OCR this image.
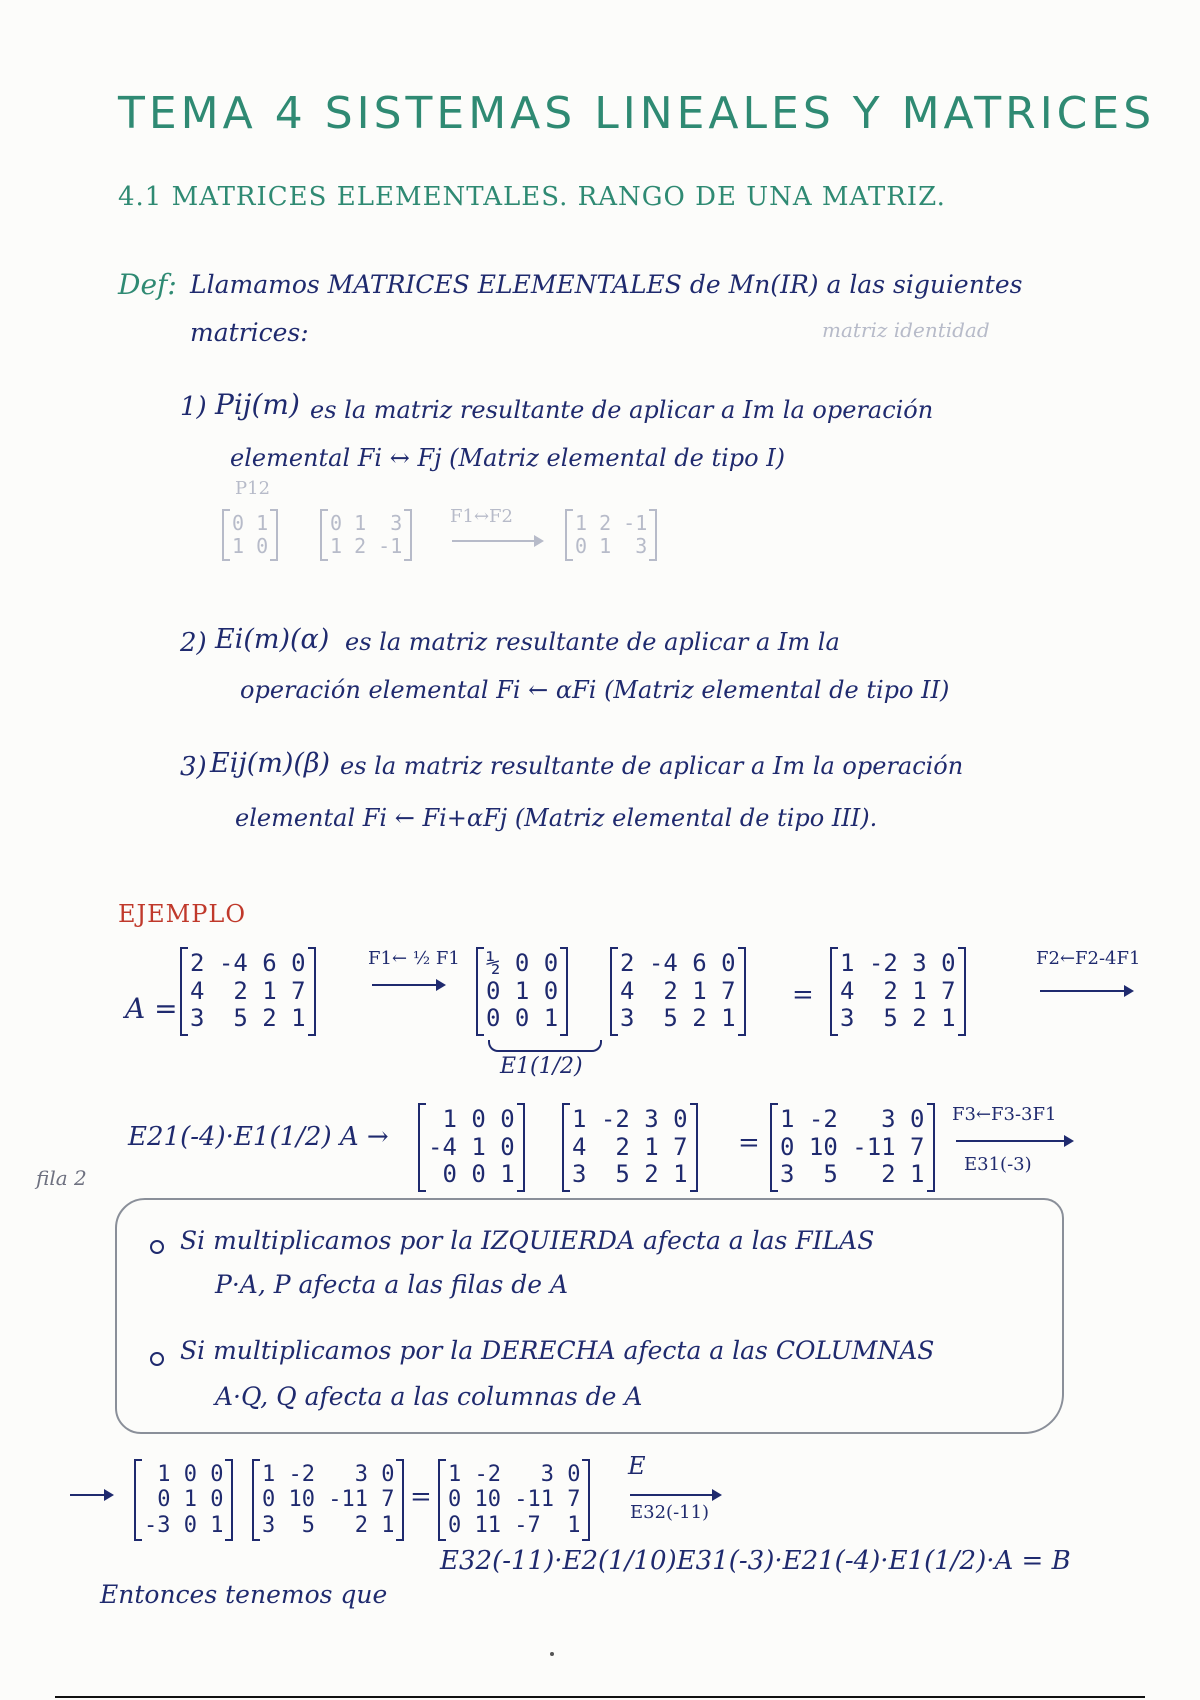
TEMA 4 SISTEMAS LINEALES Y MATRICES
4.1 MATRICES ELEMENTALES. RANGO DE UNA MATRIZ.
Def: Llamamos MATRICES ELEMENTALES de Mn(IR) a las siguientes
matrices:	matriz identidad
1) Pij(m) es la matriz resultante de aplicar a Im la operación
elemental Fi ↔ Fj (Matriz elemental de tipo I)
P12
0 1
1 0
0 1  3
1 2 -1
F1↔F2	1 2 -1
0 1  3
2) Ei(m)(α) es la matriz resultante de aplicar a Im la
operación elemental Fi ← αFi (Matriz elemental de tipo II)
3) Eij(m)(β) es la matriz resultante de aplicar a Im la operación
elemental Fi ← Fi+αFj (Matriz elemental de tipo III).
EJEMPLO
A =
2 -4 6 0
4  2 1 7
3  5 2 1
F1← ½ F1 ½ 0 0
0 1 0
0 0 1
E1(1/2)
2 -4 6 0
4  2 1 7
3  5 2 1
=
1 -2 3 0
4  2 1 7
3  5 2 1
F2←F2-4F1
fila 2
E21(-4)·E1(1/2) A →
1 0 0
-4 1 0
0 0 1
1 -2 3 0
4  2 1 7
3  5 2 1
=
1 -2   3 0
0 10 -11 7
3  5   2 1
F3←F3-3F1
E31(-3)
Si multiplicamos por la IZQUIERDA afecta a las FILAS
P·A, P afecta a las filas de A
Si multiplicamos por la DERECHA afecta a las COLUMNAS
A·Q, Q afecta a las columnas de A
1 0 0
0 1 0
-3 0 1
1 -2   3 0
0 10 -11 7
3  5   2 1
=
1 -2   3 0
0 10 -11 7
0 11 -7  1
E
E32(-11)
Entonces tenemos que
E32(-11)·E2(1/10)E31(-3)·E21(-4)·E1(1/2)·A = B
